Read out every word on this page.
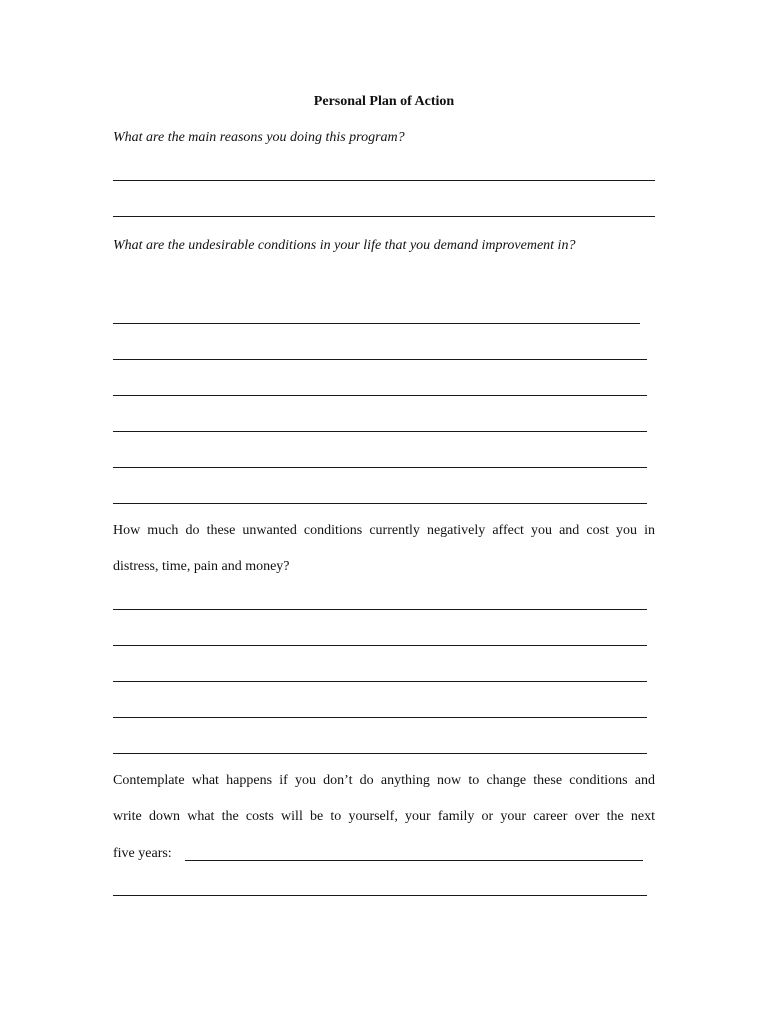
Personal Plan of Action
What are the main reasons you doing this program?
What are the undesirable conditions in your life that you demand improvement in?
How much do these unwanted conditions currently negatively affect you and cost you in
distress, time, pain and money?
Contemplate what happens if you don’t do anything now to change these conditions and
write down what the costs will be to yourself, your family or your career over the next
five years:
